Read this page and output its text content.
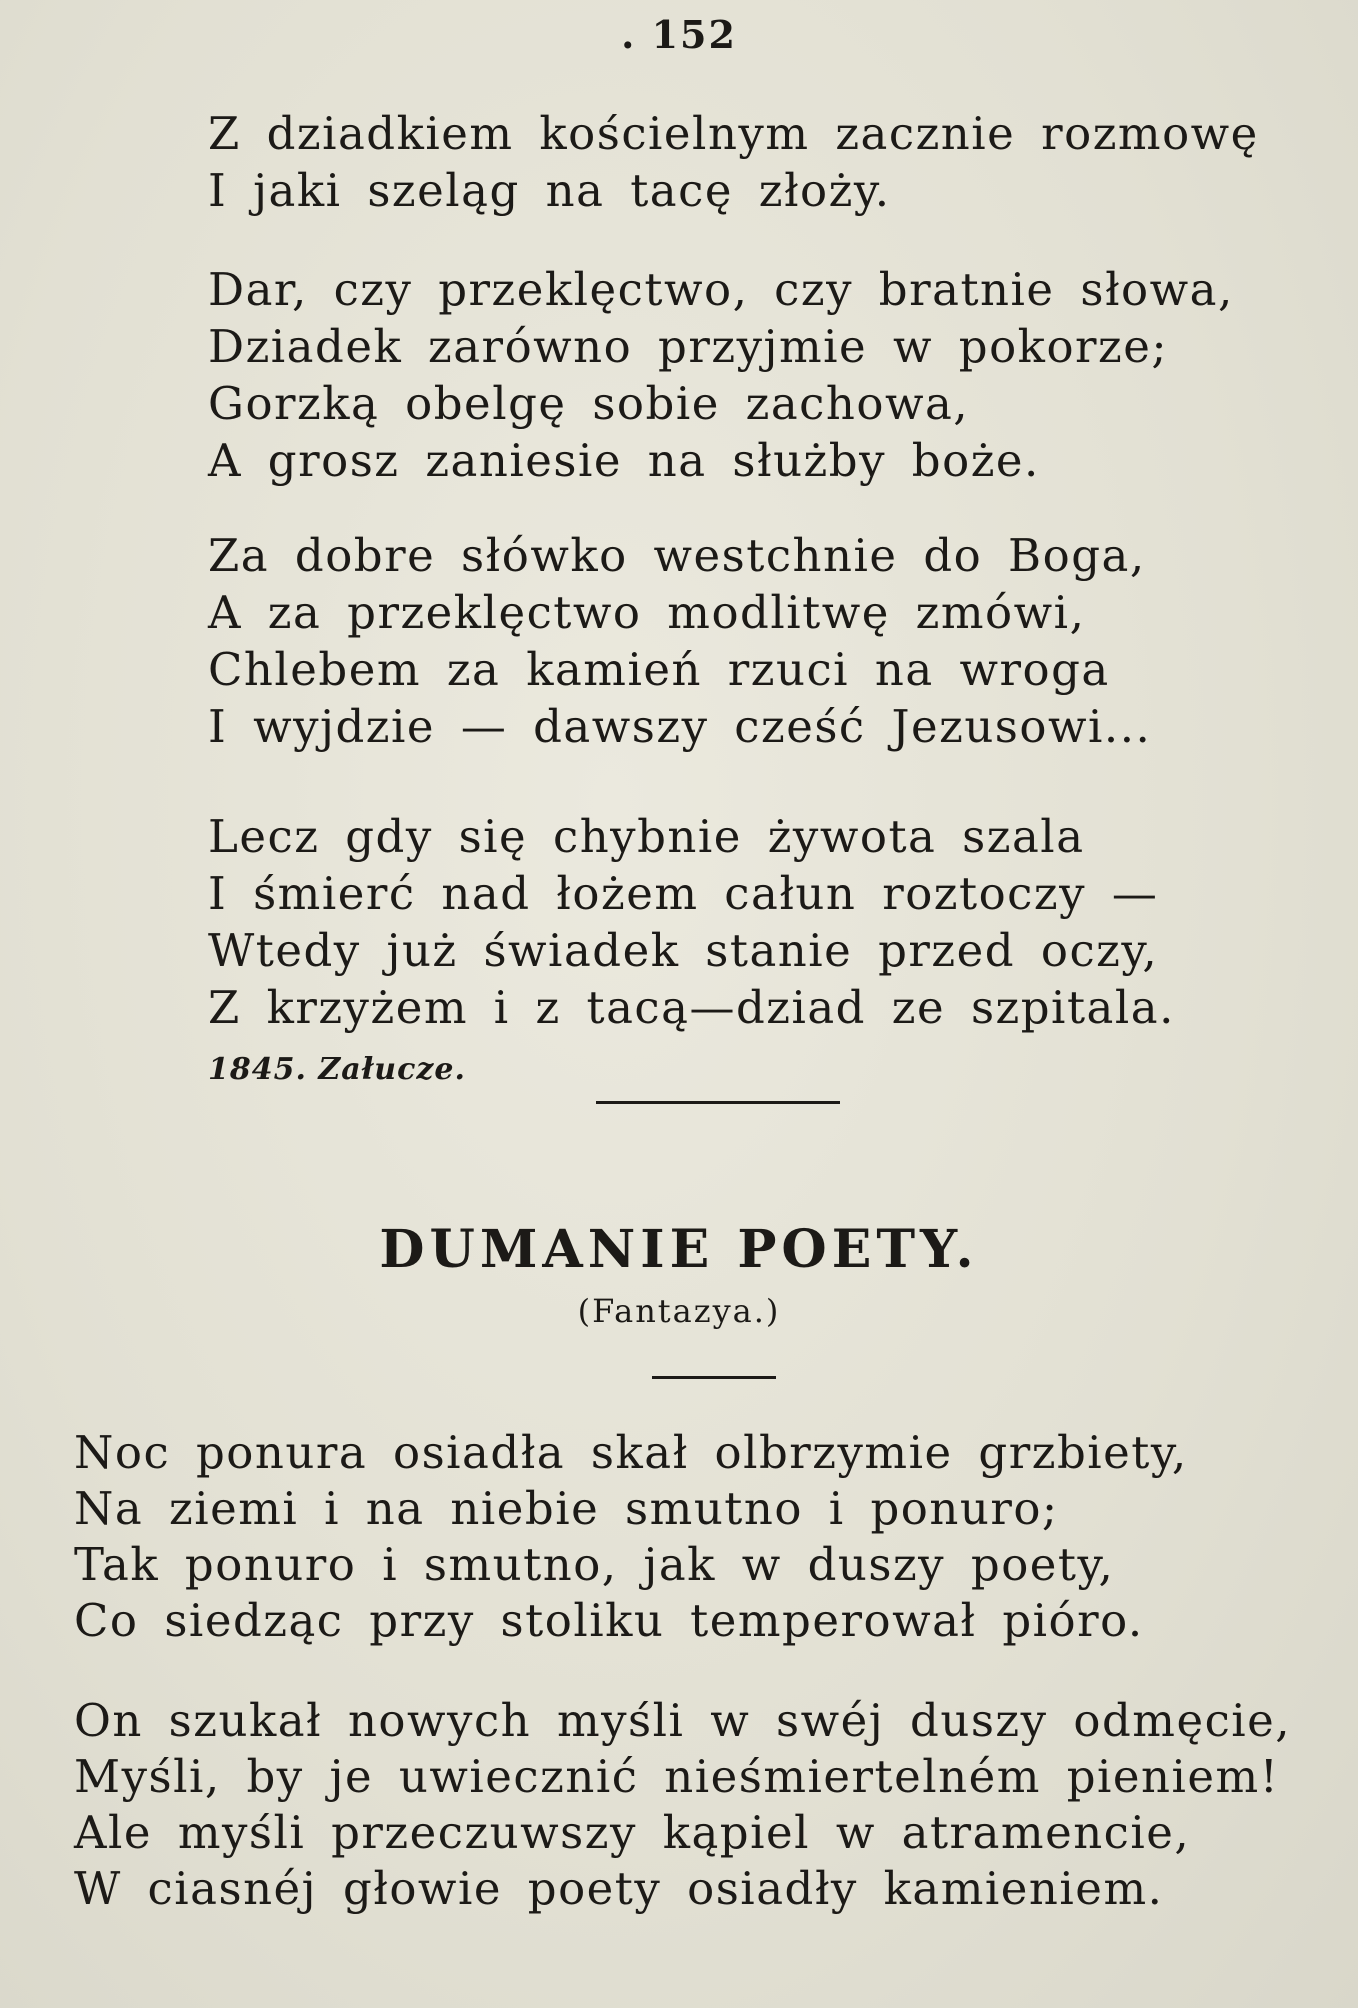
. 152
Z dziadkiem kościelnym zacznie rozmowę
I jaki szeląg na tacę złoży.
Dar, czy przeklęctwo, czy bratnie słowa,
Dziadek zarówno przyjmie w pokorze;
Gorzką obelgę sobie zachowa,
A grosz zaniesie na służby boże.
Za dobre słówko westchnie do Boga,
A za przeklęctwo modlitwę zmówi,
Chlebem za kamień rzuci na wroga
I wyjdzie — dawszy cześć Jezusowi...
Lecz gdy się chybnie żywota szala
I śmierć nad łożem całun roztoczy —
Wtedy już świadek stanie przed oczy,
Z krzyżem i z tacą—dziad ze szpitala.
1845. Załucze.
DUMANIE POETY.
(Fantazya.)
Noc ponura osiadła skał olbrzymie grzbiety,
Na ziemi i na niebie smutno i ponuro;
Tak ponuro i smutno, jak w duszy poety,
Co siedząc przy stoliku temperował pióro.
On szukał nowych myśli w swéj duszy odmęcie,
Myśli, by je uwiecznić nieśmiertelném pieniem!
Ale myśli przeczuwszy kąpiel w atramencie,
W ciasnéj głowie poety osiadły kamieniem.
